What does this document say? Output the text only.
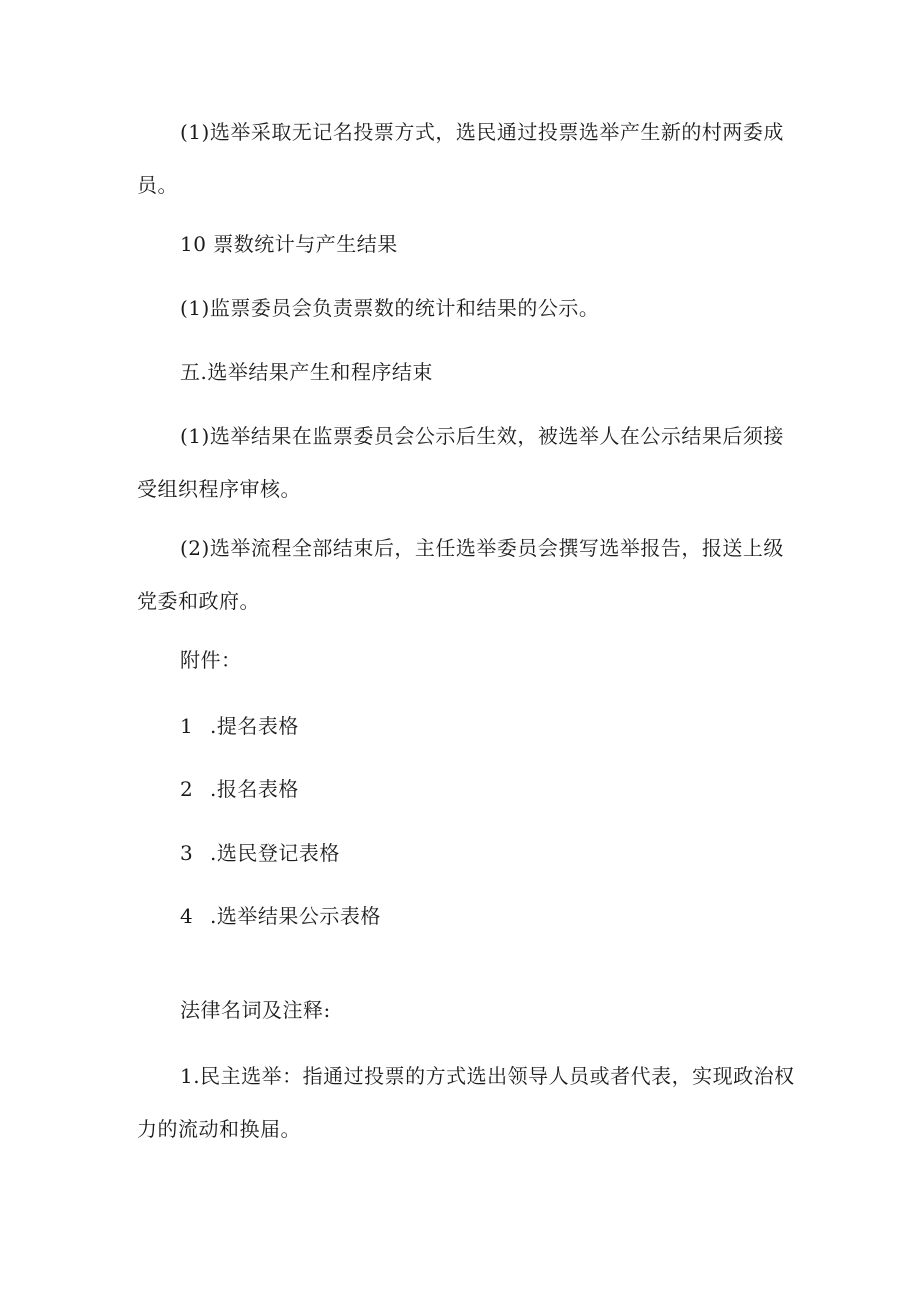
(1)选举采取无记名投票方式，选民通过投票选举产生新的村两委成员。

10 票数统计与产生结果

(1)监票委员会负责票数的统计和结果的公示。

五.选举结果产生和程序结束

(1)选举结果在监票委员会公示后生效，被选举人在公示结果后须接受组织程序审核。

(2)选举流程全部结束后，主任选举委员会撰写选举报告，报送上级党委和政府。

附件：

1 .提名表格
2 .报名表格
3 .选民登记表格
4 .选举结果公示表格

法律名词及注释:

1.民主选举：指通过投票的方式选出领导人员或者代表，实现政治权力的流动和换届。
